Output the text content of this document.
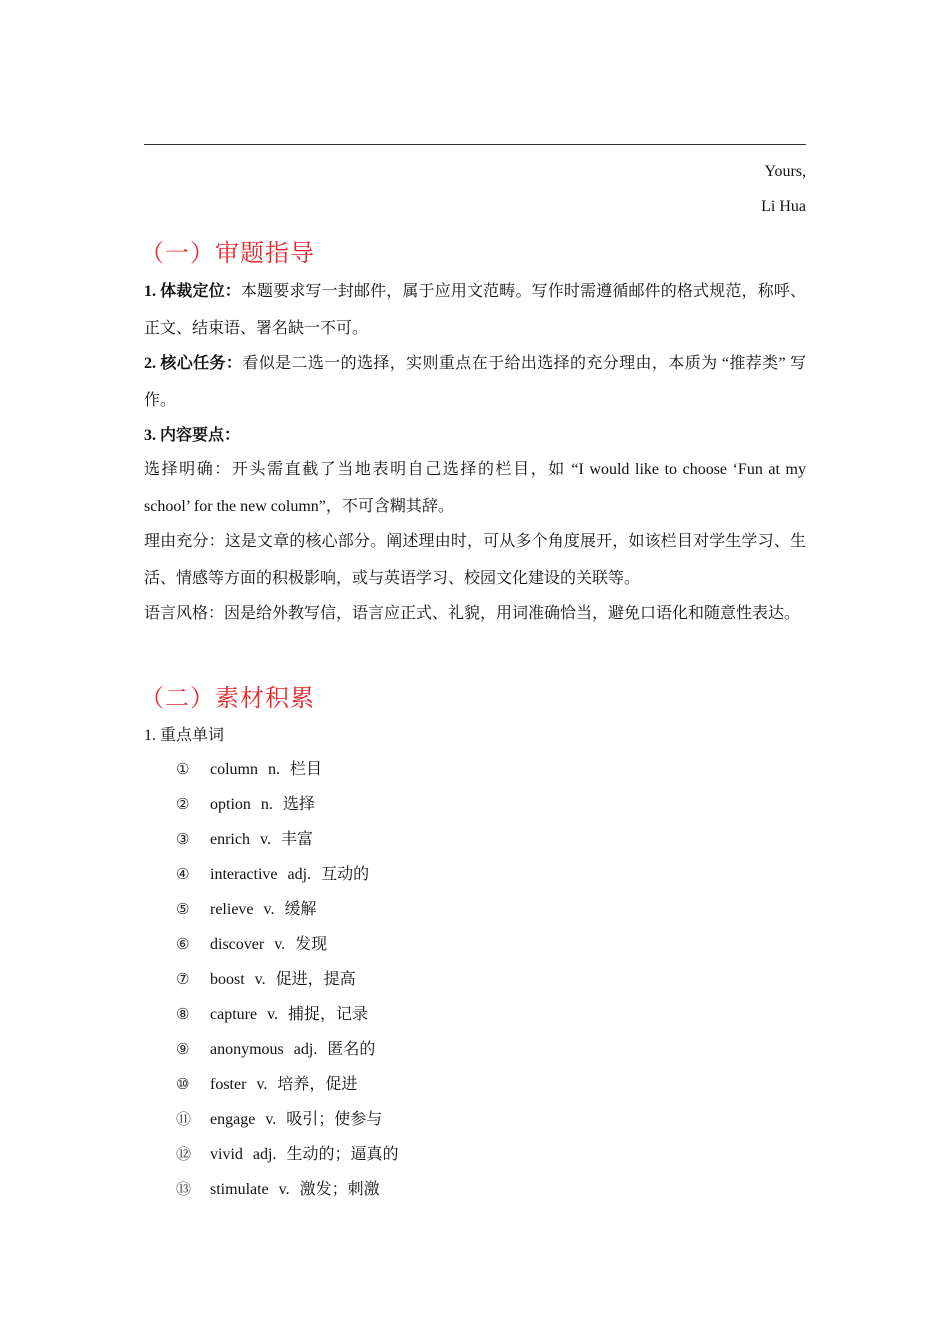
Yours,
Li Hua
（一）审题指导
1. 体裁定位：本题要求写一封邮件，属于应用文范畴。写作时需遵循邮件的格式规范，称呼、正文、结束语、署名缺一不可。
2. 核心任务：看似是二选一的选择，实则重点在于给出选择的充分理由，本质为 “推荐类” 写作。
3. 内容要点：
选择明确：开头需直截了当地表明自己选择的栏目，如 “I would like to choose ‘Fun at my school’ for the new column”，不可含糊其辞。
理由充分：这是文章的核心部分。阐述理由时，可从多个角度展开，如该栏目对学生学习、生活、情感等方面的积极影响，或与英语学习、校园文化建设的关联等。
语言风格：因是给外教写信，语言应正式、礼貌，用词准确恰当，避免口语化和随意性表达。
（二）素材积累
1. 重点单词
① column n. 栏目
② option n. 选择
③ enrich v. 丰富
④ interactive adj. 互动的
⑤ relieve v. 缓解
⑥ discover v. 发现
⑦ boost v. 促进，提高
⑧ capture v. 捕捉，记录
⑨ anonymous adj. 匿名的
⑩ foster v. 培养，促进
⑪ engage v. 吸引；使参与
⑫ vivid adj. 生动的；逼真的
⑬ stimulate v. 激发；刺激
